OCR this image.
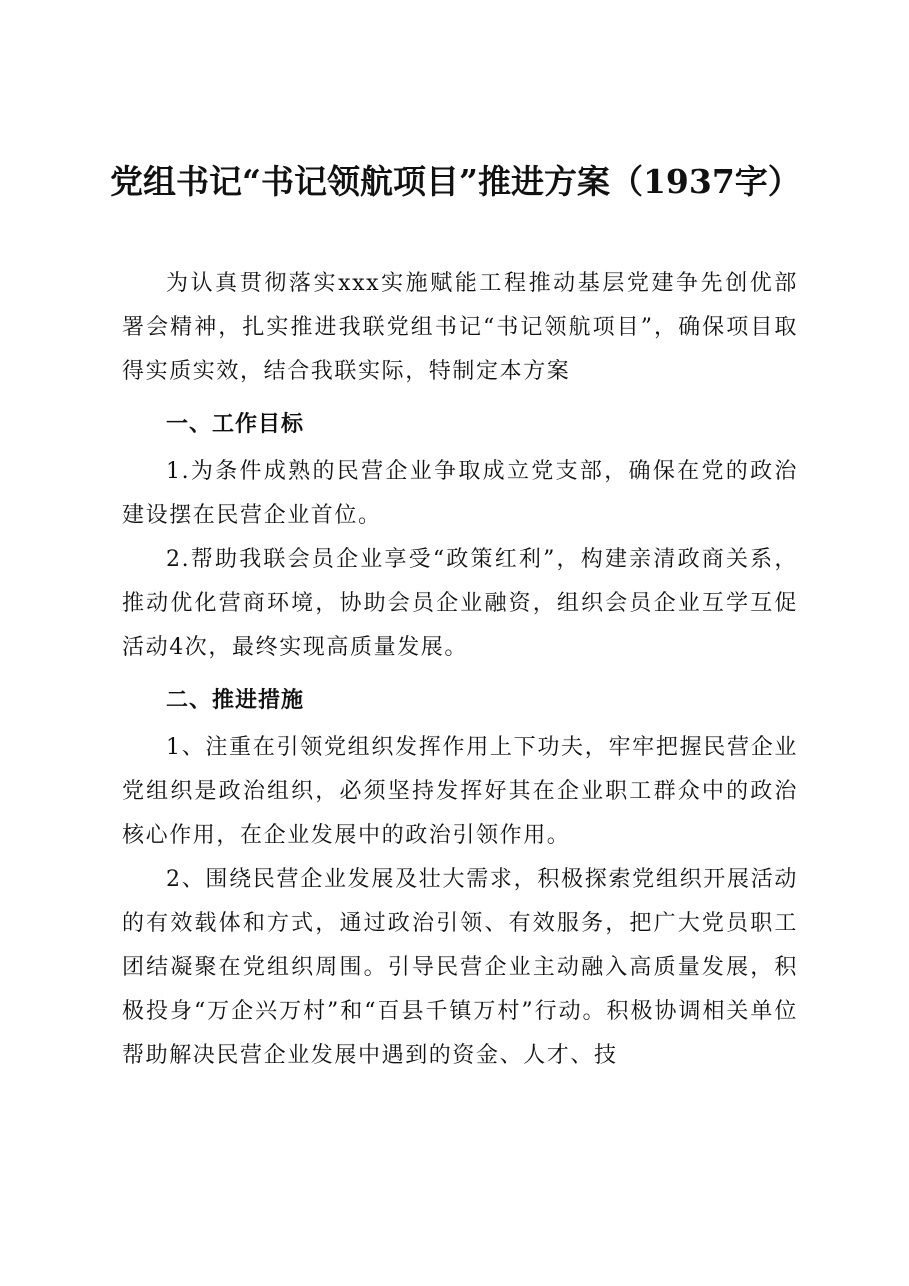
党组书记“书记领航项目”推进方案（1937字）

为认真贯彻落实xxx实施赋能工程推动基层党建争先创优部署会精神，扎实推进我联党组书记“书记领航项目”，确保项目取得实质实效，结合我联实际，特制定本方案

一、工作目标

1.为条件成熟的民营企业争取成立党支部，确保在党的政治建设摆在民营企业首位。

2.帮助我联会员企业享受“政策红利”，构建亲清政商关系，推动优化营商环境，协助会员企业融资，组织会员企业互学互促活动4次，最终实现高质量发展。

二、推进措施

1、注重在引领党组织发挥作用上下功夫，牢牢把握民营企业党组织是政治组织，必须坚持发挥好其在企业职工群众中的政治核心作用，在企业发展中的政治引领作用。

2、围绕民营企业发展及壮大需求，积极探索党组织开展活动的有效载体和方式，通过政治引领、有效服务，把广大党员职工团结凝聚在党组织周围。引导民营企业主动融入高质量发展，积极投身“万企兴万村”和“百县千镇万村”行动。积极协调相关单位帮助解决民营企业发展中遇到的资金、人才、技
